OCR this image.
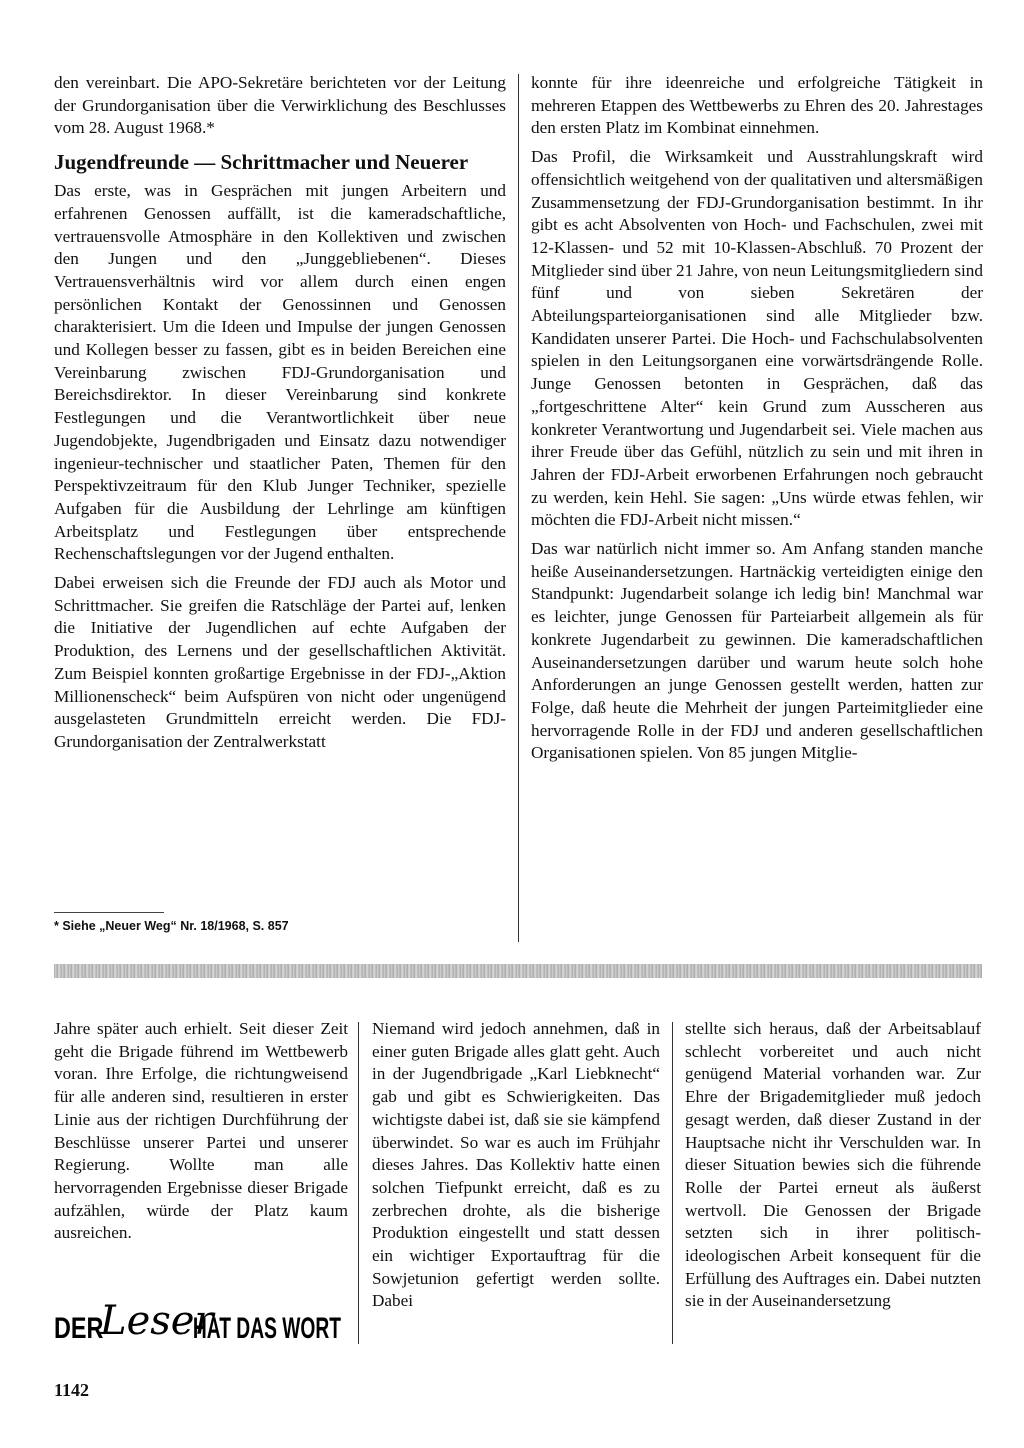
den vereinbart. Die APO-Sekretäre berichteten vor der Leitung der Grundorganisation über die Verwirklichung des Beschlusses vom 28. August 1968.*

Jugendfreunde — Schrittmacher und Neuerer

Das erste, was in Gesprächen mit jungen Arbeitern und erfahrenen Genossen auffällt, ist die kameradschaftliche, vertrauensvolle Atmosphäre in den Kollektiven und zwischen den Jungen und den „Junggebliebenen“. Dieses Vertrauensverhältnis wird vor allem durch einen engen persönlichen Kontakt der Genossinnen und Genossen charakterisiert. Um die Ideen und Impulse der jungen Genossen und Kollegen besser zu fassen, gibt es in beiden Bereichen eine Vereinbarung zwischen FDJ-Grundorganisation und Bereichsdirektor. In dieser Vereinbarung sind konkrete Festlegungen und die Verantwortlichkeit über neue Jugendobjekte, Jugendbrigaden und Einsatz dazu notwendiger ingenieur-technischer und staatlicher Paten, Themen für den Perspektivzeitraum für den Klub Junger Techniker, spezielle Aufgaben für die Ausbildung der Lehrlinge am künftigen Arbeitsplatz und Festlegungen über entsprechende Rechenschaftslegungen vor der Jugend enthalten.

Dabei erweisen sich die Freunde der FDJ auch als Motor und Schrittmacher. Sie greifen die Ratschläge der Partei auf, lenken die Initiative der Jugendlichen auf echte Aufgaben der Produktion, des Lernens und der gesellschaftlichen Aktivität. Zum Beispiel konnten großartige Ergebnisse in der FDJ-„Aktion Millionenscheck“ beim Aufspüren von nicht oder ungenügend ausgelasteten Grundmitteln erreicht werden. Die FDJ-Grundorganisation der Zentralwerkstatt

* Siehe „Neuer Weg“ Nr. 18/1968, S. 857

konnte für ihre ideenreiche und erfolgreiche Tätigkeit in mehreren Etappen des Wettbewerbs zu Ehren des 20. Jahrestages den ersten Platz im Kombinat einnehmen.

Das Profil, die Wirksamkeit und Ausstrahlungskraft wird offensichtlich weitgehend von der qualitativen und altersmäßigen Zusammensetzung der FDJ-Grundorganisation bestimmt. In ihr gibt es acht Absolventen von Hoch- und Fachschulen, zwei mit 12-Klassen- und 52 mit 10-Klassen-Abschluß. 70 Prozent der Mitglieder sind über 21 Jahre, von neun Leitungsmitgliedern sind fünf und von sieben Sekretären der Abteilungsparteiorganisationen sind alle Mitglieder bzw. Kandidaten unserer Partei. Die Hoch- und Fachschulabsolventen spielen in den Leitungsorganen eine vorwärtsdrängende Rolle. Junge Genossen betonten in Gesprächen, daß das „fortgeschrittene Alter“ kein Grund zum Ausscheren aus konkreter Verantwortung und Jugendarbeit sei. Viele machen aus ihrer Freude über das Gefühl, nützlich zu sein und mit ihren in Jahren der FDJ-Arbeit erworbenen Erfahrungen noch gebraucht zu werden, kein Hehl. Sie sagen: „Uns würde etwas fehlen, wir möchten die FDJ-Arbeit nicht missen.“

Das war natürlich nicht immer so. Am Anfang standen manche heiße Auseinandersetzungen. Hartnäckig verteidigten einige den Standpunkt: Jugendarbeit solange ich ledig bin! Manchmal war es leichter, junge Genossen für Parteiarbeit allgemein als für konkrete Jugendarbeit zu gewinnen. Die kameradschaftlichen Auseinandersetzungen darüber und warum heute solch hohe Anforderungen an junge Genossen gestellt werden, hatten zur Folge, daß heute die Mehrheit der jungen Parteimitglieder eine hervorragende Rolle in der FDJ und anderen gesellschaftlichen Organisationen spielen. Von 85 jungen Mitglie-

Jahre später auch erhielt. Seit dieser Zeit geht die Brigade führend im Wettbewerb voran. Ihre Erfolge, die richtungweisend für alle anderen sind, resultieren in erster Linie aus der richtigen Durchführung der Beschlüsse unserer Partei und unserer Regierung. Wollte man alle hervorragenden Ergebnisse dieser Brigade aufzählen, würde der Platz kaum ausreichen.

Niemand wird jedoch annehmen, daß in einer guten Brigade alles glatt geht. Auch in der Jugendbrigade „Karl Liebknecht“ gab und gibt es Schwierigkeiten. Das wichtigste dabei ist, daß sie sie kämpfend überwindet. So war es auch im Frühjahr dieses Jahres. Das Kollektiv hatte einen solchen Tiefpunkt erreicht, daß es zu zerbrechen drohte, als die bisherige Produktion eingestellt und statt dessen ein wichtiger Exportauftrag für die Sowjetunion gefertigt werden sollte. Dabei

stellte sich heraus, daß der Arbeitsablauf schlecht vorbereitet und auch nicht genügend Material vorhanden war. Zur Ehre der Brigademitglieder muß jedoch gesagt werden, daß dieser Zustand in der Hauptsache nicht ihr Verschulden war. In dieser Situation bewies sich die führende Rolle der Partei erneut als äußerst wertvoll. Die Genossen der Brigade setzten sich in ihrer politisch-ideologischen Arbeit konsequent für die Erfüllung des Auftrages ein. Dabei nutzten sie in der Auseinandersetzung

DER
Leser
HAT DAS WORT
1142
